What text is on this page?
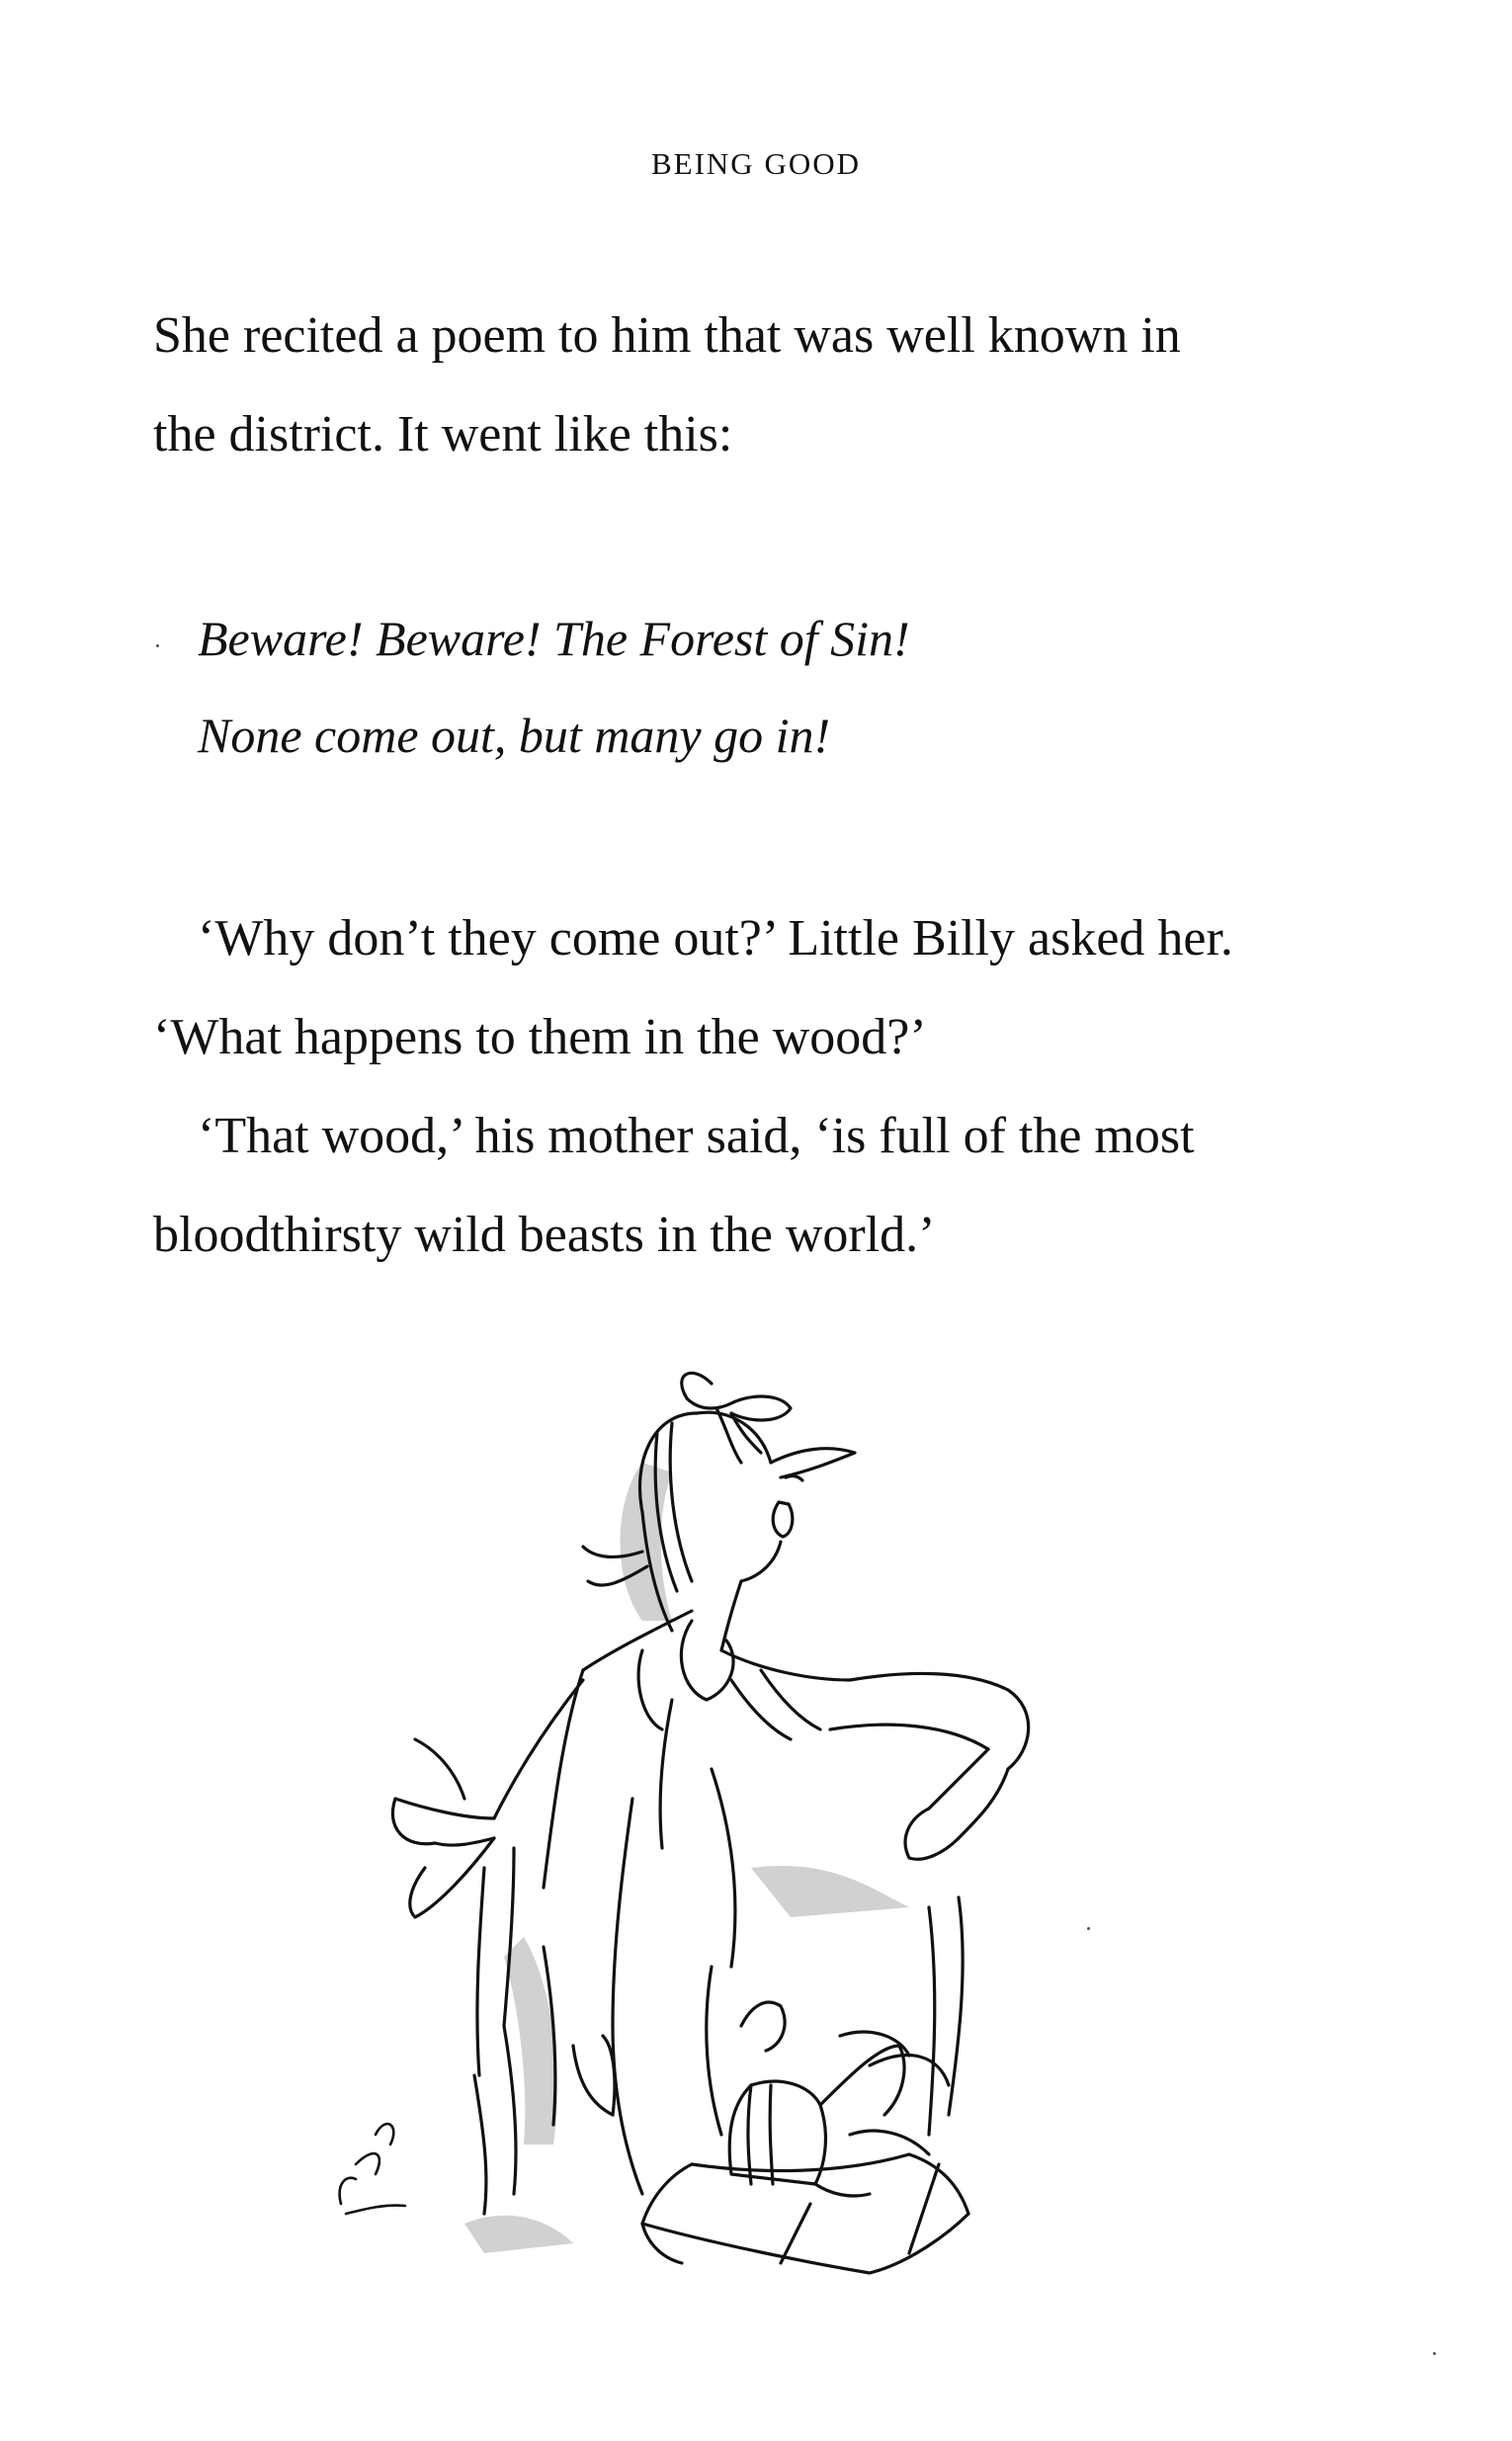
BEING GOOD

She recited a poem to him that was well known in
the district. It went like this:

Beware! Beware! The Forest of Sin!
None come out, but many go in!

‘Why don’t they come out?’ Little Billy asked her.
‘What happens to them in the wood?’

‘That wood,’ his mother said, ‘is full of the most
bloodthirsty wild beasts in the world.’
